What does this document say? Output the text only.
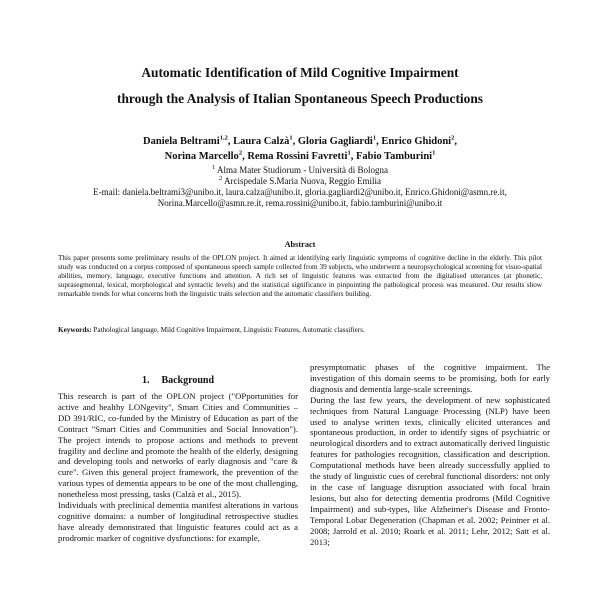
Automatic Identification of Mild Cognitive Impairment
through the Analysis of Italian Spontaneous Speech Productions
Daniela Beltrami$^{1,2}$, Laura Calzà$^1$, Gloria Gagliardi$^1$, Enrico Ghidoni$^2$,
Norina Marcello$^2$, Rema Rossini Favretti$^1$, Fabio Tamburini$^1$
$^1$ Alma Mater Studiorum - Università di Bologna
$^2$ Arcispedale S.Maria Nuova, Reggio Emilia
E-mail: daniela.beltrami3@unibo.it, laura.calza@unibo.it, gloria.gagliardi2@unibo.it, Enrico.Ghidoni@asmn.re.it,
Norina.Marcello@asmn.re.it, rema.rossini@unibo.it, fabio.tamburini@unibo.it
Abstract

This paper presents some preliminary results of the OPLON project. It aimed at identifying early linguistic symptoms of cognitive decline in the elderly. This pilot study was conducted on a corpus composed of spontaneous speech sample collected from 39 subjects, who underwent a neuropsychological screening for visuo-spatial abilities, memory, language, executive functions and attention. A rich set of linguistic features was extracted from the digitalised utterances (at phonetic, suprasegmental, lexical, morphological and syntactic levels) and the statistical significance in pinpointing the pathological process was measured. Our results show remarkable trends for what concerns both the linguistic traits selection and the automatic classifiers building.

Keywords: Pathological language, Mild Cognitive Impairment, Linguistic Features, Automatic classifiers.

1. Background

This research is part of the OPLON project ("OPportunities for active and healthy LONgevity", Smart Cities and Communities – DD 391/RIC, co-funded by the Ministry of Education as part of the Contract "Smart Cities and Communities and Social Innovation"). The project intends to propose actions and methods to prevent fragility and decline and promote the health of the elderly, designing and developing tools and networks of early diagnosis and "care & cure". Given this general project framework, the prevention of the various types of dementia appears to be one of the most challenging, nonetheless most pressing, tasks (Calzà et al., 2015).

Individuals with preclinical dementia manifest alterations in various cognitive domains: a number of longitudinal retrospective studies have already demonstrated that linguistic features could act as a prodromic marker of cognitive dysfunctions: for example,

presymptomatic phases of the cognitive impairment. The investigation of this domain seems to be promising, both for early diagnosis and dementia large-scale screenings.

During the last few years, the development of new sophisticated techniques from Natural Language Processing (NLP) have been used to analyse written texts, clinically elicited utterances and spontaneous production, in order to identify signs of psychiatric or neurological disorders and to extract automatically derived linguistic features for pathologies recognition, classification and description. Computational methods have been already successfully applied to the study of linguistic cues of cerebral functional disorders: not only in the case of language disruption associated with focal brain lesions, but also for detecting dementia prodroms (Mild Cognitive Impairment) and sub-types, like Alzheimer's Disease and Fronto-Temporal Lobar Degeneration (Chapman et al. 2002; Peintner et al. 2008; Jarrold et al. 2010; Roark et al. 2011; Lehr, 2012; Satt et al. 2013;
